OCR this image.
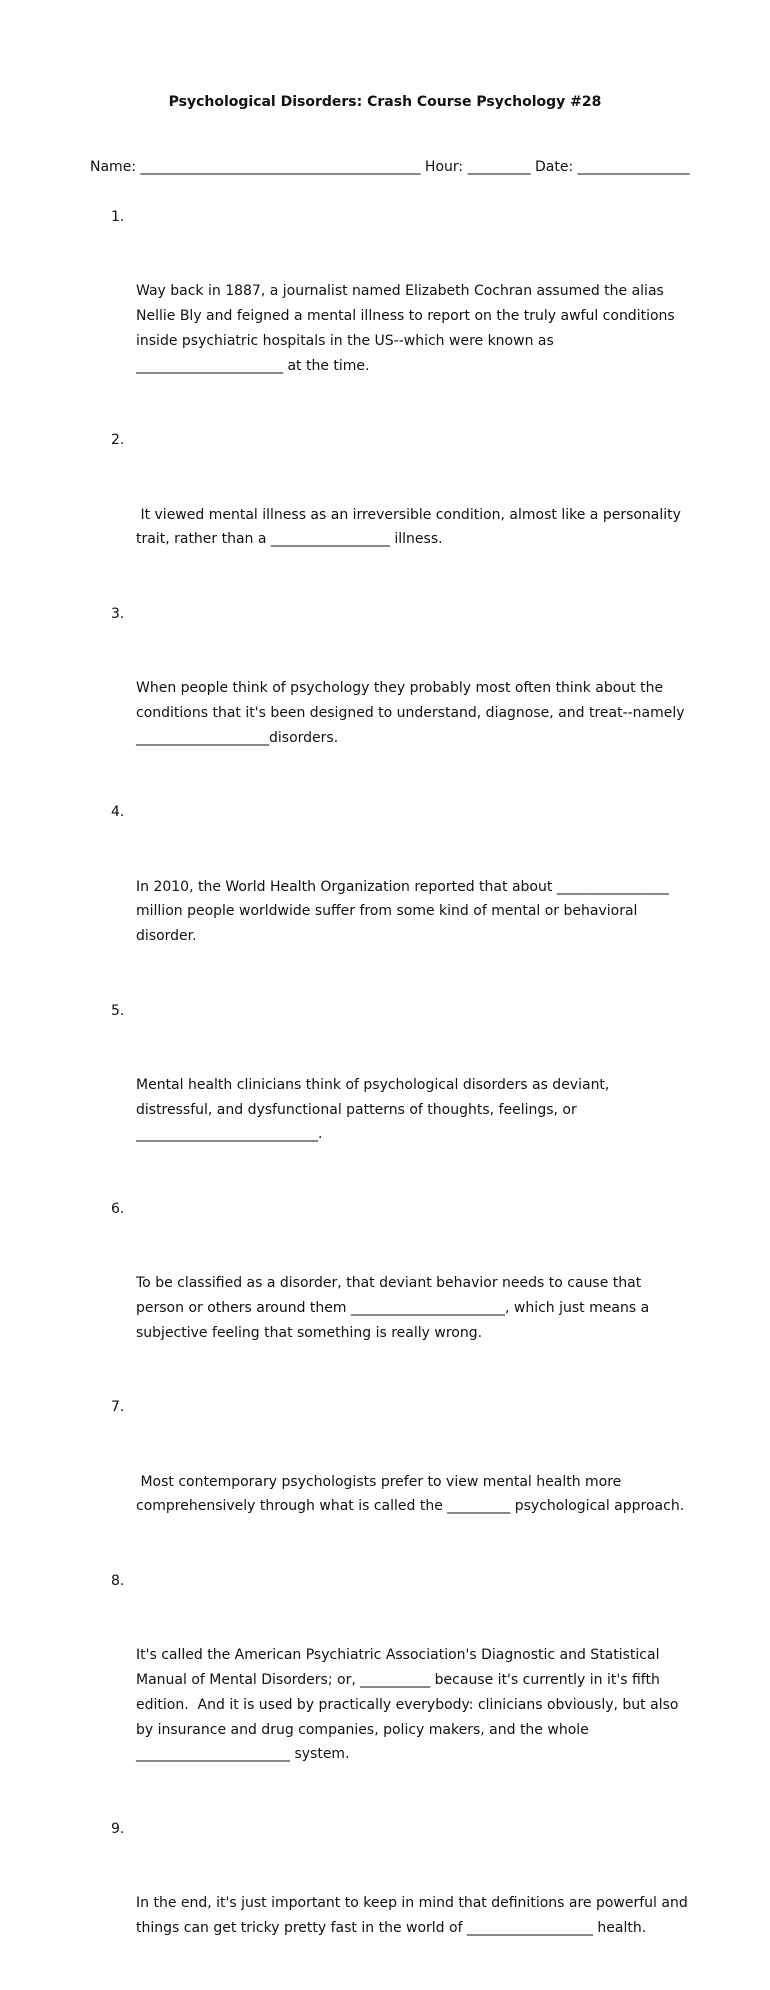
Psychological Disorders: Crash Course Psychology #28
Name: ________________________________________ Hour: _________ Date: ________________

1.

Way back in 1887, a journalist named Elizabeth Cochran assumed the alias Nellie Bly and feigned a mental illness to report on the truly awful conditions inside psychiatric hospitals in the US--which were known as _____________________ at the time.

2.

It viewed mental illness as an irreversible condition, almost like a personality trait, rather than a _________________ illness.

3.

When people think of psychology they probably most often think about the conditions that it's been designed to understand, diagnose, and treat--namely ___________________disorders.

4.

In 2010, the World Health Organization reported that about ________________ million people worldwide suffer from some kind of mental or behavioral disorder.

5.

Mental health clinicians think of psychological disorders as deviant, distressful, and dysfunctional patterns of thoughts, feelings, or __________________________.

6.

To be classified as a disorder, that deviant behavior needs to cause that person or others around them ______________________, which just means a subjective feeling that something is really wrong.

7.

Most contemporary psychologists prefer to view mental health more comprehensively through what is called the _________ psychological approach.

8.

It's called the American Psychiatric Association's Diagnostic and Statistical Manual of Mental Disorders; or, __________ because it's currently in it's fifth edition.  And it is used by practically everybody: clinicians obviously, but also by insurance and drug companies, policy makers, and the whole ______________________ system.

9.

In the end, it's just important to keep in mind that definitions are powerful and things can get tricky pretty fast in the world of __________________ health.
